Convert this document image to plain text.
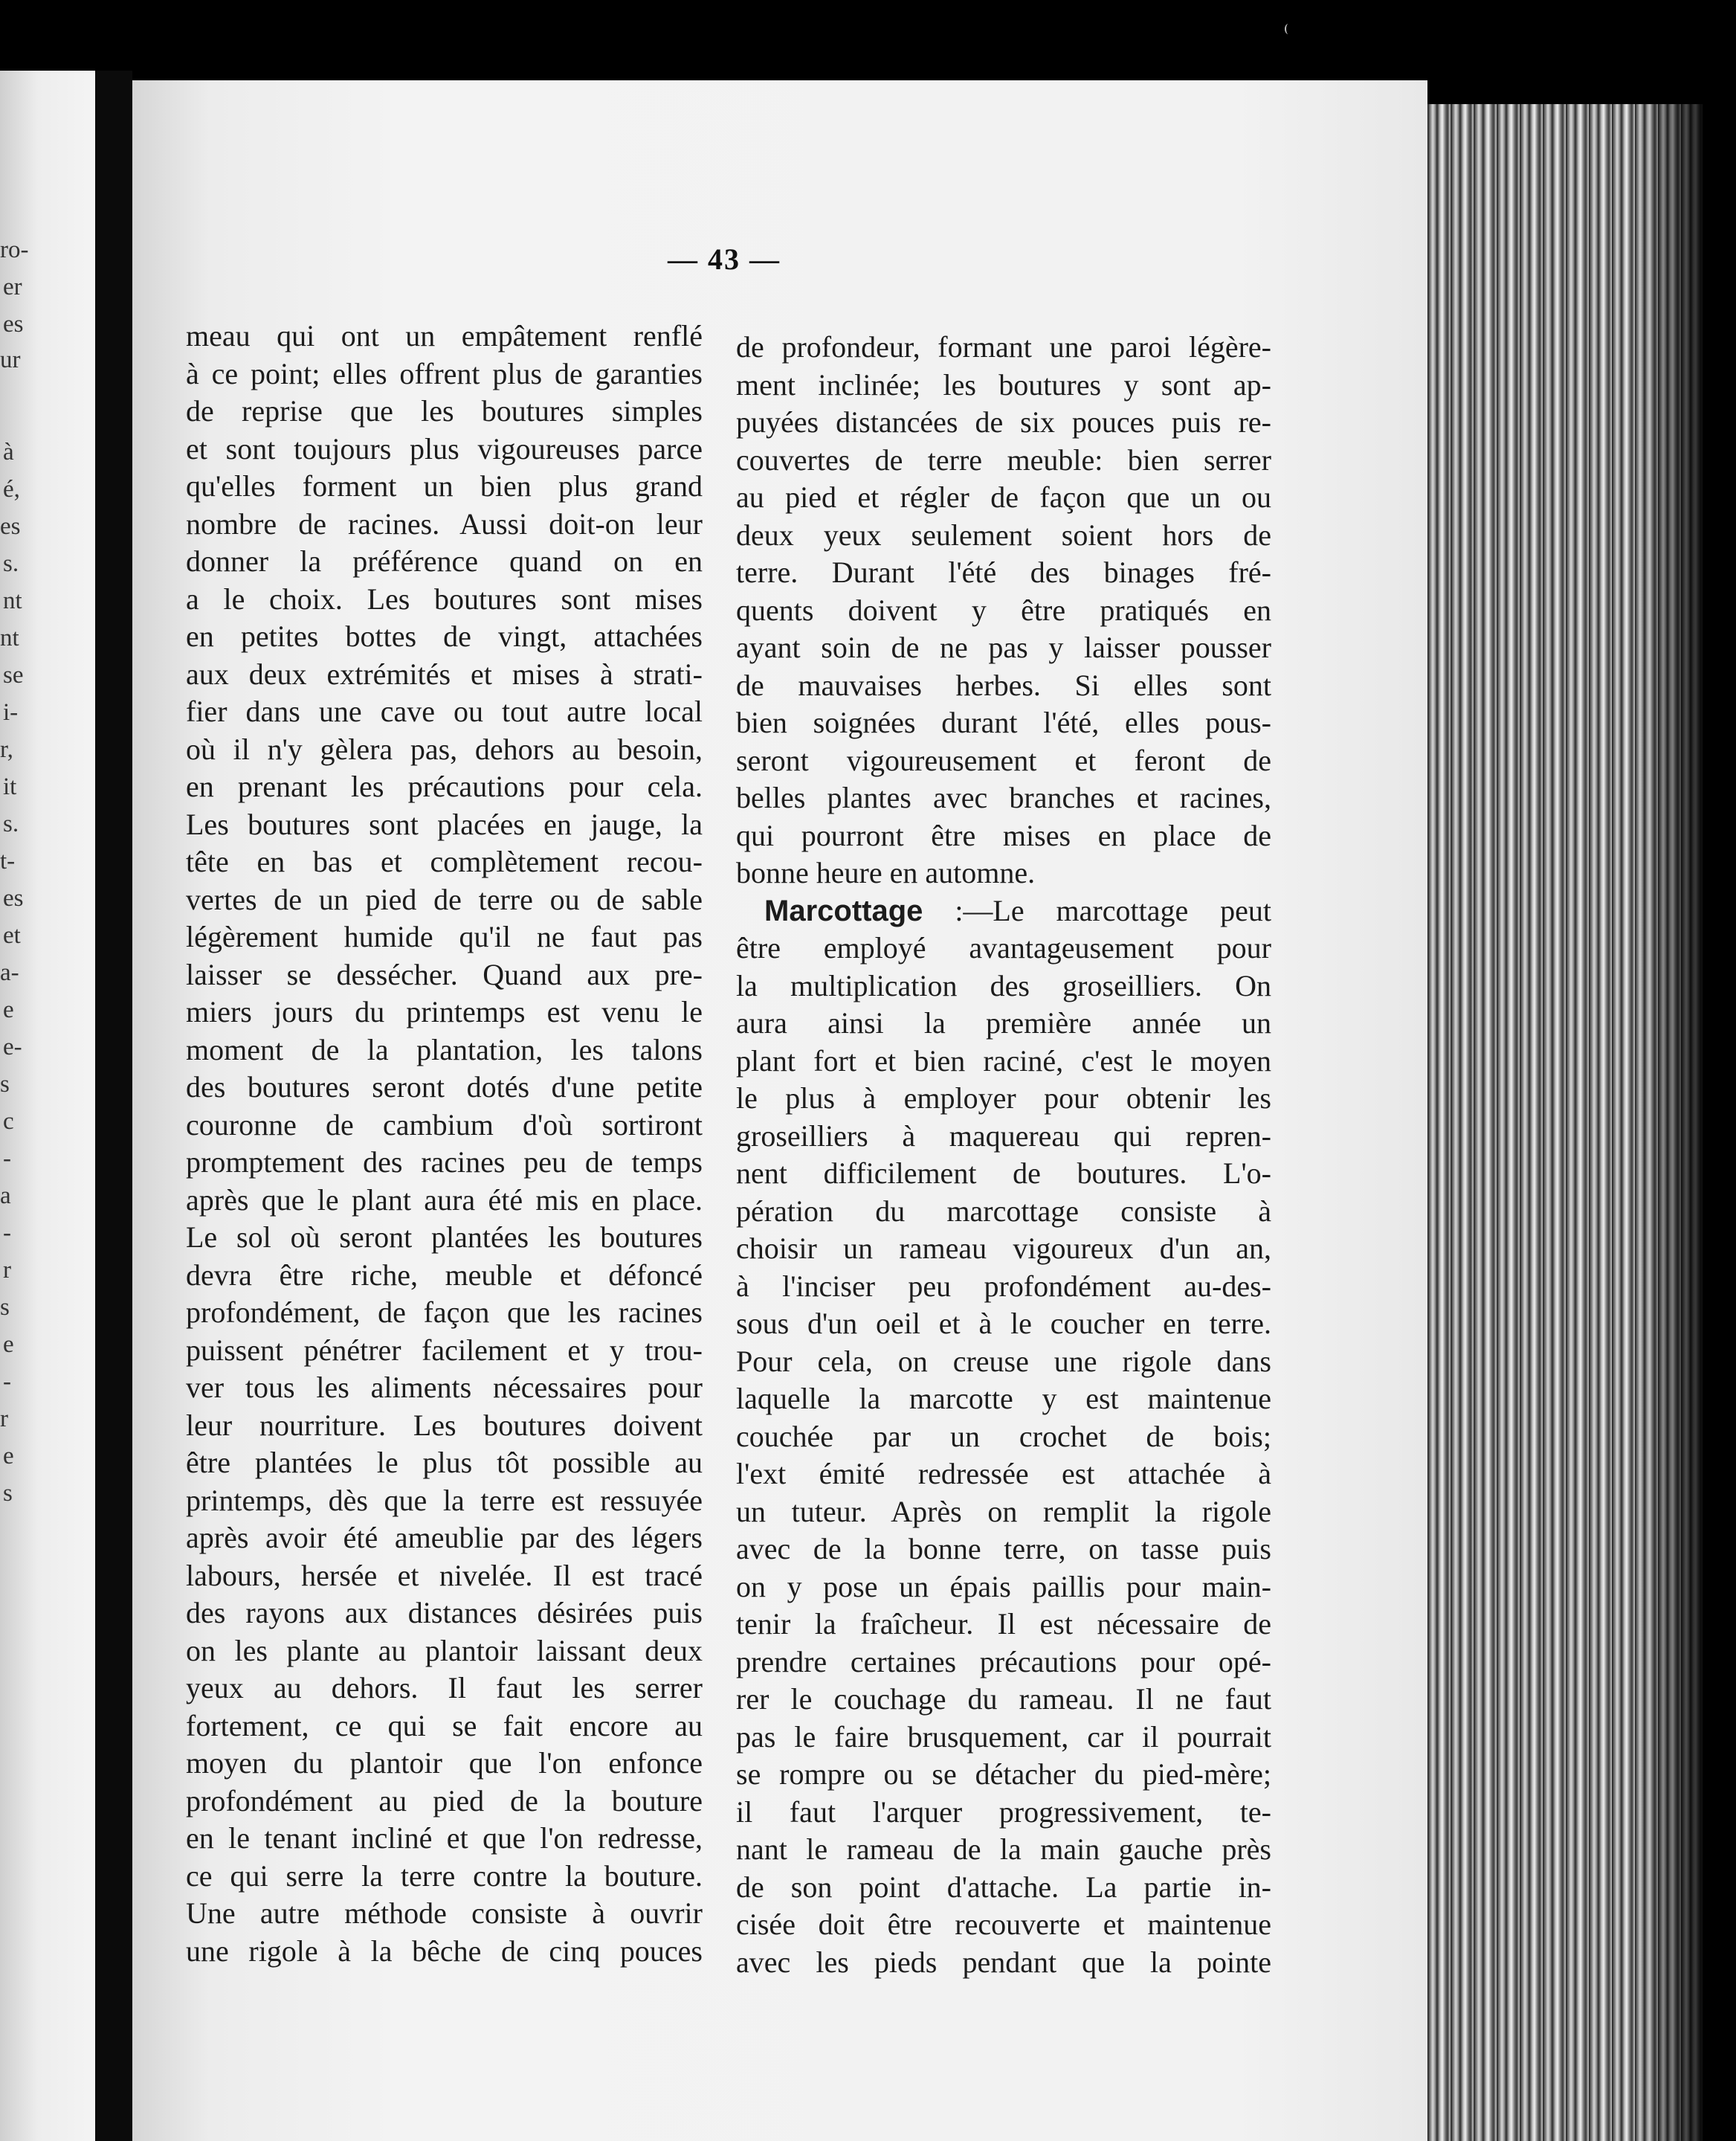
ro-
er
es
ur
à
é,
es
s.
nt
nt
se
i-
r,
it
s.
t-
es
et
a-
e
e-
s
c
-
a
-
r
s
e
-
r
e
s
— 43 —
meau qui ont un empâtement renflé
à ce point; elles offrent plus de garanties
de reprise que les boutures simples
et sont toujours plus vigoureuses parce
qu'elles forment un bien plus grand
nombre de racines. Aussi doit-on leur
donner la préférence quand on en
a le choix. Les boutures sont mises
en petites bottes de vingt, attachées
aux deux extrémités et mises à strati-
fier dans une cave ou tout autre local
où il n'y gèlera pas, dehors au besoin,
en prenant les précautions pour cela.
Les boutures sont placées en jauge, la
tête en bas et complètement recou-
vertes de un pied de terre ou de sable
légèrement humide qu'il ne faut pas
laisser se dessécher. Quand aux pre-
miers jours du printemps est venu le
moment de la plantation, les talons
des boutures seront dotés d'une petite
couronne de cambium d'où sortiront
promptement des racines peu de temps
après que le plant aura été mis en place.
Le sol où seront plantées les boutures
devra être riche, meuble et défoncé
profondément, de façon que les racines
puissent pénétrer facilement et y trou-
ver tous les aliments nécessaires pour
leur nourriture. Les boutures doivent
être plantées le plus tôt possible au
printemps, dès que la terre est ressuyée
après avoir été ameublie par des légers
labours, hersée et nivelée. Il est tracé
des rayons aux distances désirées puis
on les plante au plantoir laissant deux
yeux au dehors. Il faut les serrer
fortement, ce qui se fait encore au
moyen du plantoir que l'on enfonce
profondément au pied de la bouture
en le tenant incliné et que l'on redresse,
ce qui serre la terre contre la bouture.
Une autre méthode consiste à ouvrir
une rigole à la bêche de cinq pouces
de profondeur, formant une paroi légère-
ment inclinée; les boutures y sont ap-
puyées distancées de six pouces puis re-
couvertes de terre meuble: bien serrer
au pied et régler de façon que un ou
deux yeux seulement soient hors de
terre. Durant l'été des binages fré-
quents doivent y être pratiqués en
ayant soin de ne pas y laisser pousser
de mauvaises herbes. Si elles sont
bien soignées durant l'été, elles pous-
seront vigoureusement et feront de
belles plantes avec branches et racines,
qui pourront être mises en place de
bonne heure en automne.
Marcottage :—Le marcottage peut
être employé avantageusement pour
la multiplication des groseilliers. On
aura ainsi la première année un
plant fort et bien raciné, c'est le moyen
le plus à employer pour obtenir les
groseilliers à maquereau qui repren-
nent difficilement de boutures. L'o-
pération du marcottage consiste à
choisir un rameau vigoureux d'un an,
à l'inciser peu profondément au-des-
sous d'un oeil et à le coucher en terre.
Pour cela, on creuse une rigole dans
laquelle la marcotte y est maintenue
couchée par un crochet de bois;
l'ext émité redressée est attachée à
un tuteur. Après on remplit la rigole
avec de la bonne terre, on tasse puis
on y pose un épais paillis pour main-
tenir la fraîcheur. Il est nécessaire de
prendre certaines précautions pour opé-
rer le couchage du rameau. Il ne faut
pas le faire brusquement, car il pourrait
se rompre ou se détacher du pied-mère;
il faut l'arquer progressivement, te-
nant le rameau de la main gauche près
de son point d'attache. La partie in-
cisée doit être recouverte et maintenue
avec les pieds pendant que la pointe
